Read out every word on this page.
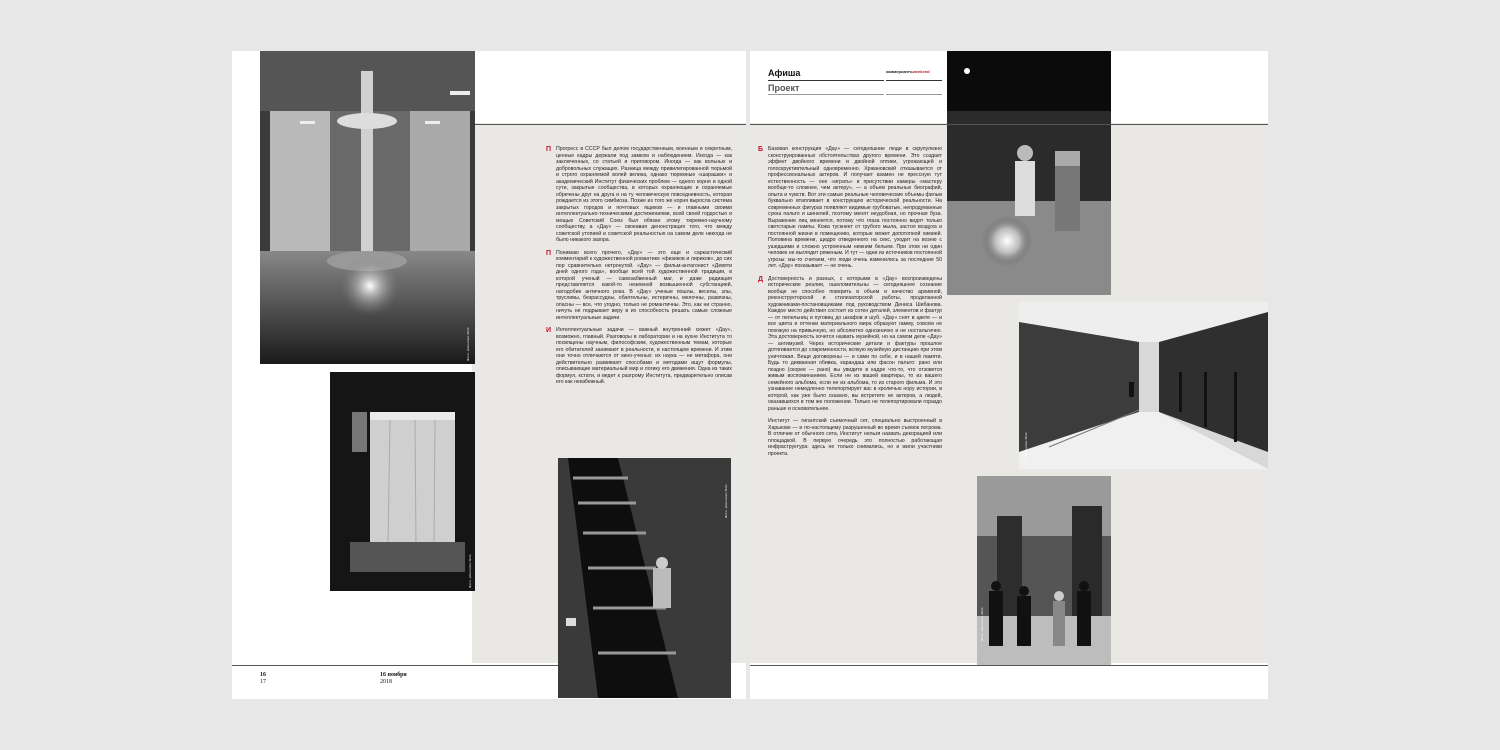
Фото: phenomen films
Фото: phenomen films
Фото: phenomen films
Фото: phenomen films
Фото: phenomen films
Афиша
Проект
коммерсантъweekend

П Прогресс в СССР был делом государственным, военным и секретным, ценные кадры держали под замком и наблюдением. Иногда — как заключенных, со статьей и приговором. Иногда — как вольных и добровольных служащих. Разница между привилегированной тюрьмой и строго охраняемой волей велика, однако тюремные «шарашки» и академический Институт физических проблем — одного корня и одной сути, закрытые сообщества, в которых охраняющие и охраняемые обречены друг на друга и на ту человеческую повседневность, которая рождается из этого симбиоза. Позже из того же корня выросла система закрытых городов и почтовых ящиков — и главными своими интеллектуально-техническими достижениями, всей своей гордостью и мощью Советский Союз был обязан этому тюремно-научному сообществу, а «Дау» — своеавая денонстрация того, что между советской утопией и советской реальностью на самом деле никогда не было никакого зазора.

П Понимаю всего прочего, «Дау» — это еще и саркастический комментарий к художественной романтике «физиков и лириков», до сих пор сравнительно нетронутой. «Дау» — фильм-антагонист «Девяти дней одного года», вообще всей той художественной традиции, в которой ученый — самозабвенный маг, и даже радиация представляется какой-то неземной возвышенной субстанцией, натодобие античного рока. В «Дау» ученые пошлы, веселы, злы, трусливы, безрассудны, обаятельны, истеричны, мелочны, развязны, опасны — все, что угодно, только не романтичны. Это, как ни странно, ничуть не подрывает веру в их способность решать самые сложные интеллектуальные задачи.

И Интеллектуальные задачи — важный внутренний сюжет «Дау», возможно, главный. Разговоры в лаборатории и на кухне Института то посвящены научным, философским, художественным темам, которые его обитателей занимают в реальности, в настоящем времени. И этим они точно отличаются от кино-ученых: их наука — не метафора, они действительно развивают способами и методами ищут формулы, описывающие материальный мир и логику его движения. Одна из таких формул, кстати, и ведет к разгрому Института, предварительно описав его как неизбежный.

Б Базовая конструкция «Дау» — сегодняшние люди в скрупулезно сконструированных обстоятельствах другого времени. Это создает эффект двойного времени и двойной оптики, угрожающей и голоскруктивтельный одновременно. Хржановский отказывается от профессиональных актеров. И получает взамен не прессную тут естественность — оне «играть» в присутствии камеры «мастеру вообще-то сложнее, чем актеру», — а объем реальных биографий, опыта и чувств. Вот эти самые реальные человеческие объемы фильм буквально втапливает в конструкцию исторической реальности. На современных фигурах появляют видимые грубоватые, непродуманные сукна пальто и шинелей, поэтому менят неудобная, но прочная буза. Выражение лиц меняется, потому что глаза постоянно видят только светстарые лампы. Кожа тускнеет от грубого мыла, застоя воздуха и постоянной жизни в помещению, которые может допотопной химией. Половина времени, щедро отведенного на секс, уходит на возню с ушедшими и сложно устроенным нижним бельем. При этом ни один человек не выглядит ряженым. И тут — одни из источников постоянной угрозы: мы-то считаем, что люди очень изменились за последние 50 лет. «Дау» показывает — не очень.

Д Достоверность и разных, с которыми в «Дау» воспроизведены исторические реалии, ошеломительны — сегодняшнее сознание вообще не способно поверить в объем и качество архивной, реконструкторской и стилизаторской работы, проделанной художниками-постановщиками под руководством Дениса Шибанова. Каждое место действия состоит из сотен деталей, элементов и фактур — от пепельниц и пуговиц до шкафов и шуб. «Дау» снят в цвете — и все цвета и оттенки материального мира образуют гамму, совсем не похожую на привычную, но абсолютно однозначно и не ностальгично. Эта достоверность хочется назвать музейной, но на самом деле «Дау» — антимузей. Через исторические детали и фактуры прошлое дотягивается до современности, всякую музейную дистанцию при этом уничтожая. Вещи договорены — и сами по себе, и в нашей памяти. Будь то дикванная обивка, карандаш или фасон пальто: рано или поздно (скорее — рано) вы увидите в кадре что-то, что отзовется живым воспоминанием. Если не из вашей квартиры, то из вашего семейного альбома, если не из альбома, то из старого фильма. И это узнавание немедленно телепортирует вас в кроличью нору истории, в которой, как уже было сказано, вы встретите не актеров, а людей, оказавшихся в том же положении. Только не телепортировали гораздо раньше и основательнее.

Институт — гигантский съемочный сет, специально выстроенный в Харькове — и по-настоящему разрушенный во время съемок погрома. В отличие от обычного сета, Институт нельзя назвать декорацией или площадкой. В первую очередь это полностью работающая инфраструктура: здесь не только снимались, но и жили участники проекта.

16
17
16 ноября
2018
